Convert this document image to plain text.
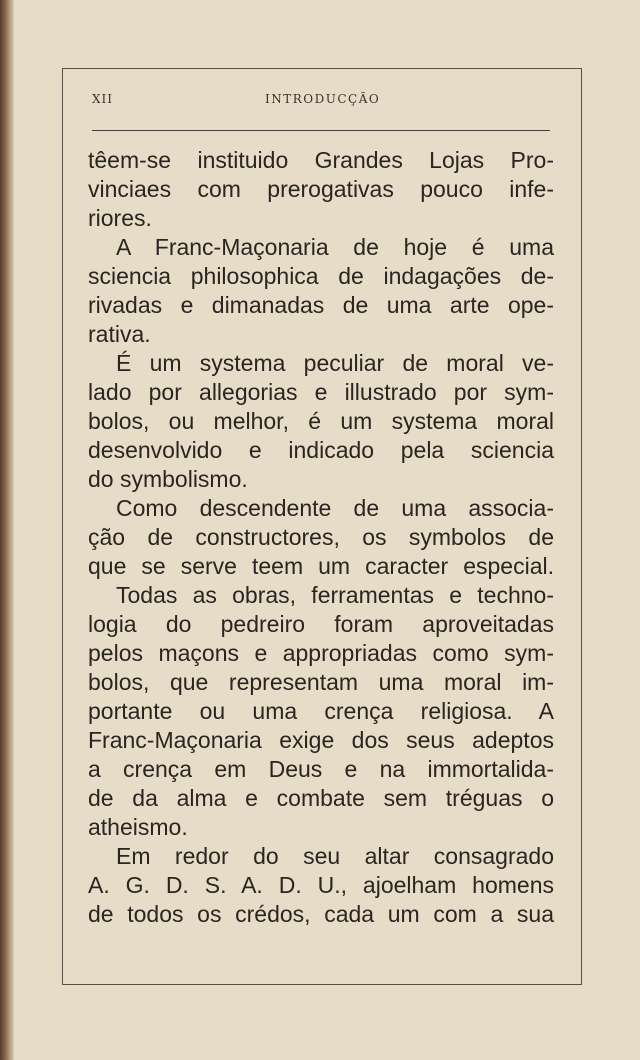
XII	INTRODUCÇÃO
têem-se instituido Grandes Lojas Pro-
vinciaes com prerogativas pouco infe-
riores.
A Franc-Maçonaria de hoje é uma
sciencia philosophica de indagações de-
rivadas e dimanadas de uma arte ope-
rativa.
É um systema peculiar de moral ve-
lado por allegorias e illustrado por sym-
bolos, ou melhor, é um systema moral
desenvolvido e indicado pela sciencia
do symbolismo.
Como descendente de uma associa-
ção de constructores, os symbolos de
que se serve teem um caracter especial.
Todas as obras, ferramentas e techno-
logia do pedreiro foram aproveitadas
pelos maçons e appropriadas como sym-
bolos, que representam uma moral im-
portante ou uma crença religiosa. A
Franc-Maçonaria exige dos seus adeptos
a crença em Deus e na immortalida-
de da alma e combate sem tréguas o
atheismo.
Em redor do seu altar consagrado
A. G. D. S. A. D. U., ajoelham homens
de todos os crédos, cada um com a sua
